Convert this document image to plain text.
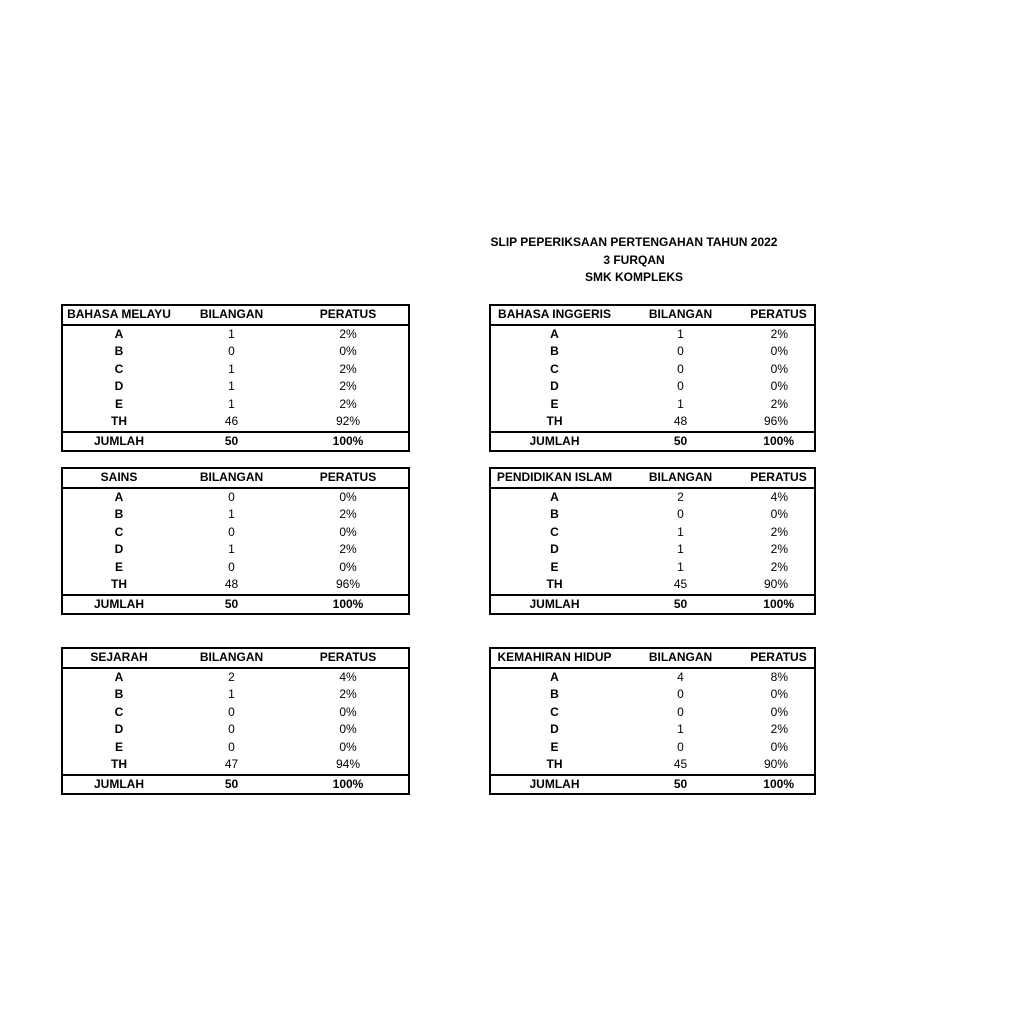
SLIP PEPERIKSAAN PERTENGAHAN TAHUN 2022
3 FURQAN
SMK KOMPLEKS
BAHASA MELAYU	BILANGAN	PERATUS
A	1	2%
B	0	0%
C	1	2%
D	1	2%
E	1	2%
TH	46	92%
JUMLAH	50	100%
BAHASA INGGERIS	BILANGAN	PERATUS
A	1	2%
B	0	0%
C	0	0%
D	0	0%
E	1	2%
TH	48	96%
JUMLAH	50	100%
SAINS	BILANGAN	PERATUS
A	0	0%
B	1	2%
C	0	0%
D	1	2%
E	0	0%
TH	48	96%
JUMLAH	50	100%
PENDIDIKAN ISLAM	BILANGAN	PERATUS
A	2	4%
B	0	0%
C	1	2%
D	1	2%
E	1	2%
TH	45	90%
JUMLAH	50	100%
SEJARAH	BILANGAN	PERATUS
A	2	4%
B	1	2%
C	0	0%
D	0	0%
E	0	0%
TH	47	94%
JUMLAH	50	100%
KEMAHIRAN HIDUP	BILANGAN	PERATUS
A	4	8%
B	0	0%
C	0	0%
D	1	2%
E	0	0%
TH	45	90%
JUMLAH	50	100%
